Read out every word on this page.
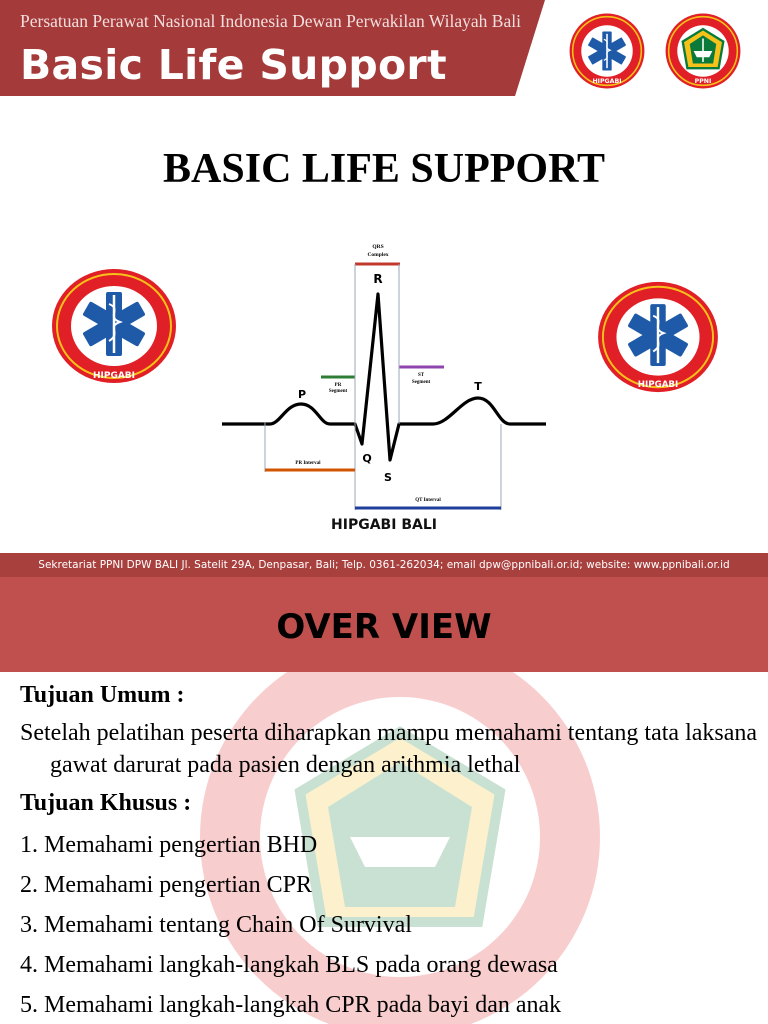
Persatuan Perawat Nasional Indonesia Dewan Perwakilan Wilayah Bali
Basic Life Support	HIPGABI	PPNI
BASIC LIFE SUPPORT
HIPGABI
HIPGABI
QRS
Complex
R
PR
Segment
ST
Segment
P
T
Q
S
PR Interval
QT Interval
HIPGABI BALI
Sekretariat PPNI DPW BALI Jl. Satelit 29A, Denpasar, Bali; Telp. 0361-262034; email dpw@ppnibali.or.id; website: www.ppnibali.or.id
OVER VIEW
Tujuan Umum :
Setelah pelatihan peserta diharapkan mampu memahami tentang tata laksana gawat darurat pada pasien dengan arithmia lethal
Tujuan Khusus :
1. Memahami pengertian BHD
2. Memahami pengertian CPR
3. Memahami tentang Chain Of Survival
4. Memahami langkah-langkah BLS pada orang dewasa
5. Memahami langkah-langkah CPR pada bayi dan anak
